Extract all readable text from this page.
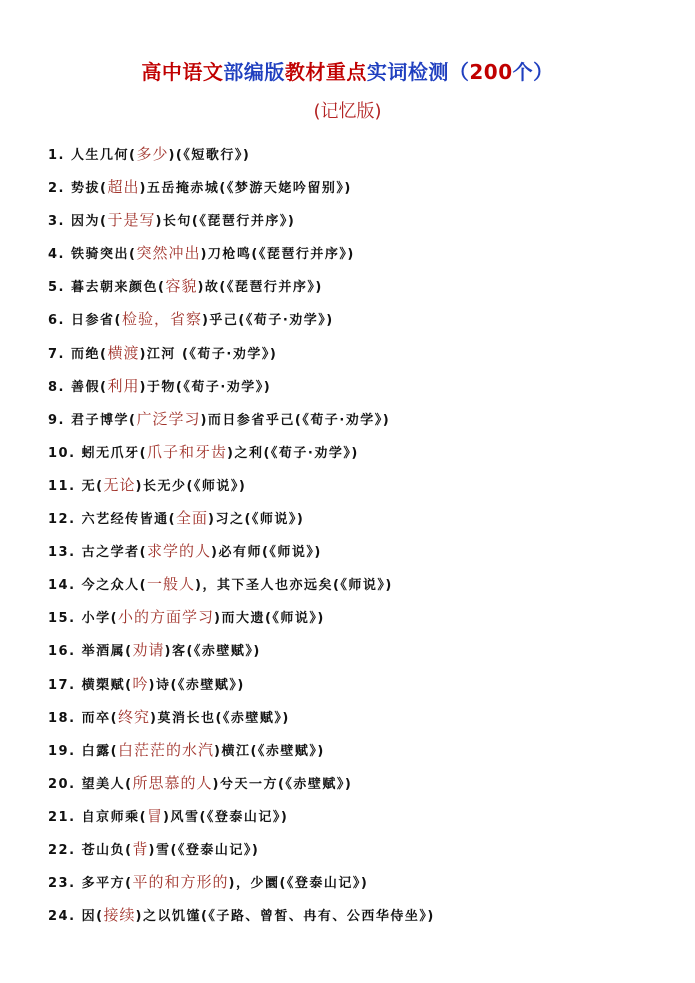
高中语文部编版教材重点实词检测（200个）
(记忆版)
1. 人生几何(多少)(《短歌行》)
2. 势拔(超出)五岳掩赤城(《梦游天姥吟留别》)
3. 因为(于是写)长句(《琵琶行并序》)
4. 铁骑突出(突然冲出)刀枪鸣(《琵琶行并序》)
5. 暮去朝来颜色(容貌)故(《琵琶行并序》)
6. 日参省(检验，省察)乎己(《荀子·劝学》)
7. 而绝(横渡)江河 (《荀子·劝学》)
8. 善假(利用)于物(《荀子·劝学》)
9. 君子博学(广泛学习)而日参省乎己(《荀子·劝学》)
10. 蚓无爪牙(爪子和牙齿)之利(《荀子·劝学》)
11. 无(无论)长无少(《师说》)
12. 六艺经传皆通(全面)习之(《师说》)
13. 古之学者(求学的人)必有师(《师说》)
14. 今之众人(一般人)，其下圣人也亦远矣(《师说》)
15. 小学(小的方面学习)而大遗(《师说》)
16. 举酒属(劝请)客(《赤壁赋》)
17. 横槊赋(吟)诗(《赤壁赋》)
18. 而卒(终究)莫消长也(《赤壁赋》)
19. 白露(白茫茫的水汽)横江(《赤壁赋》)
20. 望美人(所思慕的人)兮天一方(《赤壁赋》)
21. 自京师乘(冒)风雪(《登泰山记》)
22. 苍山负(背)雪(《登泰山记》)
23. 多平方(平的和方形的)，少圜(《登泰山记》)
24. 因(接续)之以饥馑(《子路、曾皙、冉有、公西华侍坐》)
